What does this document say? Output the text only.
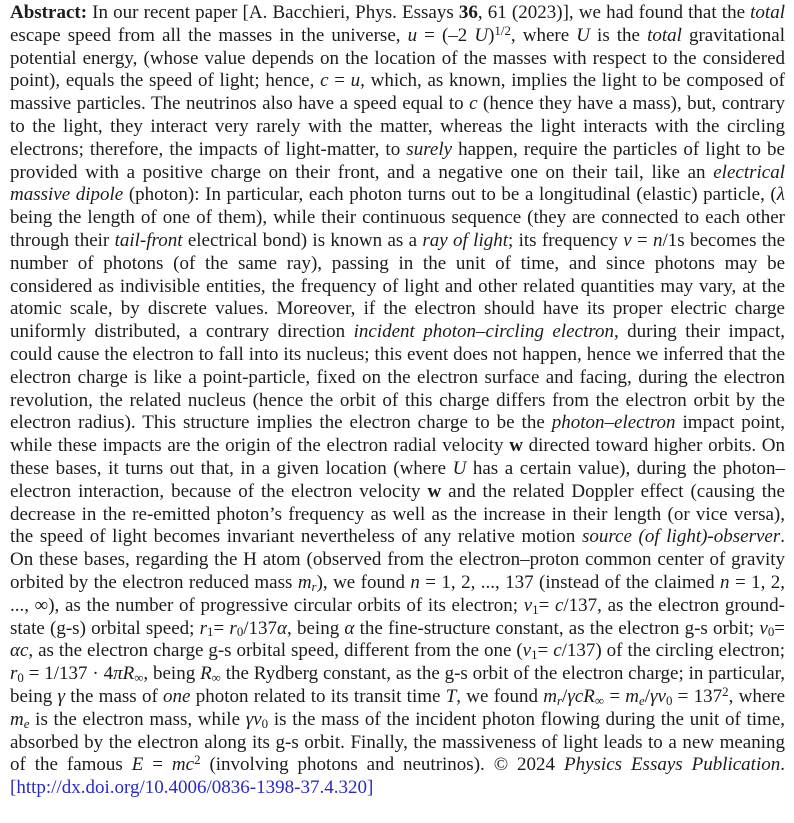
Abstract: In our recent paper [A. Bacchieri, Phys. Essays 36, 61 (2023)], we had found that the total escape speed from all the masses in the universe, u = (–2 U)$^{1/2}$, where U is the total gravitational potential energy, (whose value depends on the location of the masses with respect to the considered point), equals the speed of light; hence, c = u, which, as known, implies the light to be composed of massive particles. The neutrinos also have a speed equal to c (hence they have a mass), but, contrary to the light, they interact very rarely with the matter, whereas the light interacts with the circling electrons; therefore, the impacts of light-matter, to surely happen, require the particles of light to be provided with a positive charge on their front, and a negative one on their tail, like an electrical massive dipole (photon): In particular, each photon turns out to be a longitudinal (elastic) particle, (λ being the length of one of them), while their continuous sequence (they are connected to each other through their tail-front electrical bond) is known as a ray of light; its frequency ν = n/1s becomes the number of photons (of the same ray), passing in the unit of time, and since photons may be considered as indivisible entities, the frequency of light and other related quantities may vary, at the atomic scale, by discrete values. Moreover, if the electron should have its proper electric charge uniformly distributed, a contrary direction incident photon–circling electron, during their impact, could cause the electron to fall into its nucleus; this event does not happen, hence we inferred that the electron charge is like a point-particle, fixed on the electron surface and facing, during the electron revolution, the related nucleus (hence the orbit of this charge differs from the electron orbit by the electron radius). This structure implies the electron charge to be the photon–electron impact point, while these impacts are the origin of the electron radial velocity w directed toward higher orbits. On these bases, it turns out that, in a given location (where U has a certain value), during the photon–electron interaction, because of the electron velocity w and the related Doppler effect (causing the decrease in the re-emitted photon’s frequency as well as the increase in their length (or vice versa), the speed of light becomes invariant nevertheless of any relative motion source (of light)-observer. On these bases, regarding the H atom (observed from the electron–proton common center of gravity orbited by the electron reduced mass mr), we found n = 1, 2, ..., 137 (instead of the claimed n = 1, 2, ..., ∞), as the number of progressive circular orbits of its electron; v1= c/137, as the electron ground-state (g-s) orbital speed; r1= r0/137α, being α the fine-structure constant, as the electron g-s orbit; v0= αc, as the electron charge g-s orbital speed, different from the one (v1= c/137) of the circling electron; r0 = 1/137 · 4πR∞, being R∞ the Rydberg constant, as the g-s orbit of the electron charge; in particular, being γ the mass of one photon related to its transit time T, we found $mr/\gamma cR\infty = me/\gamma\nu 0 = 137^2$, where me is the electron mass, while γν0 is the mass of the incident photon flowing during the unit of time, absorbed by the electron along its g-s orbit. Finally, the massiveness of light leads to a new meaning of the famous $E = mc^2$ (involving photons and neutrinos). © 2024 Physics Essays Publication. [http://dx.doi.org/10.4006/0836-1398-37.4.320]
